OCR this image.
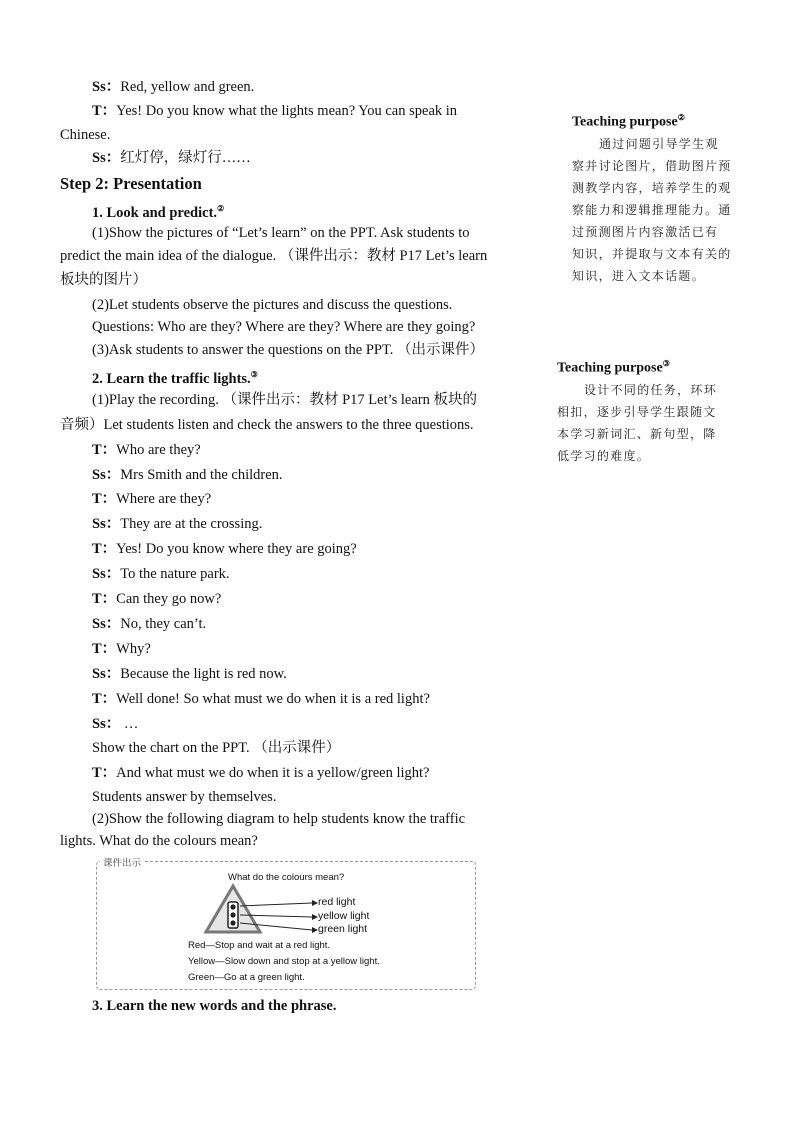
Ss：Red, yellow and green.
T：Yes! Do you know what the lights mean? You can speak in
Chinese.
Ss：红灯停，绿灯行……
Step 2: Presentation
1. Look and predict.②
(1)Show the pictures of “Let’s learn” on the PPT. Ask students to
predict the main idea of the dialogue. （课件出示：教材 P17 Let’s learn
板块的图片）
(2)Let students observe the pictures and discuss the questions.
Questions: Who are they? Where are they? Where are they going?
(3)Ask students to answer the questions on the PPT. （出示课件）
2. Learn the traffic lights.③
(1)Play the recording. （课件出示：教材 P17 Let’s learn 板块的
音频）Let students listen and check the answers to the three questions.
T：Who are they?
Ss：Mrs Smith and the children.
T：Where are they?
Ss：They are at the crossing.
T：Yes! Do you know where they are going?
Ss：To the nature park.
T：Can they go now?
Ss：No, they can’t.
T：Why?
Ss：Because the light is red now.
T：Well done! So what must we do when it is a red light?
Ss： …
Show the chart on the PPT. （出示课件）
T：And what must we do when it is a yellow/green light?
Students answer by themselves.
(2)Show the following diagram to help students know the traffic
lights. What do the colours mean?
课件出示
What do the colours mean?
red light
yellow light
green light
Red—Stop and wait at a red light.
Yellow—Slow down and stop at a yellow light.
Green—Go at a green light.
3. Learn the new words and the phrase.
Teaching purpose②
通过问题引导学生观
察并讨论图片，借助图片预
测教学内容，培养学生的观
察能力和逻辑推理能力。通
过预测图片内容激活已有
知识，并提取与文本有关的
知识，进入文本话题。
Teaching purpose③
设计不同的任务，环环
相扣，逐步引导学生跟随文
本学习新词汇、新句型，降
低学习的难度。
